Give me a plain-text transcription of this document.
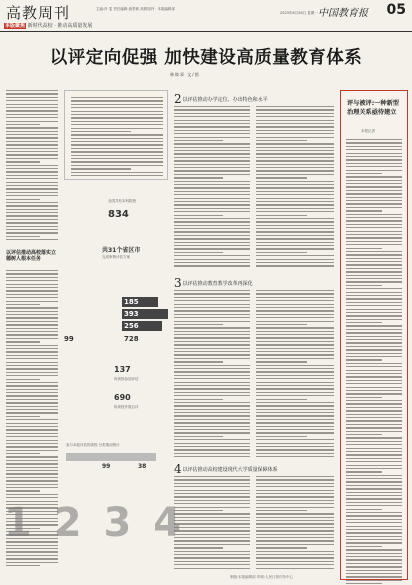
高教周刊	主编:肖 雯 责任编辑:唐景莉 高教周刊 · 本版编辑部
2023年6月26日 星期一 中国教育报 05
本版聚焦 新时代高校 · 推动高质量发展
以评定向促强 加快建设高质量教育体系
林焕章 文/图
以评估推动高校落实立德树人根本任务
834
全国共有本科院校
共31个省区市
完成审核评估方案
185
393
256
99	728
137
所高校参加评估
690
所高校开展自评
参与本轮评估的高校 分类情况统计
99	38
2以评估推动办学定位、办出特色和水平
3以评估推动教育教学改革再深化
4以评估推动高校建设现代大学质量保障体系
评与被评:一种新型治理关系亟待建立
本报记者
1 2 3 4
制版:本版编辑部 印刷:人民日报印务中心
